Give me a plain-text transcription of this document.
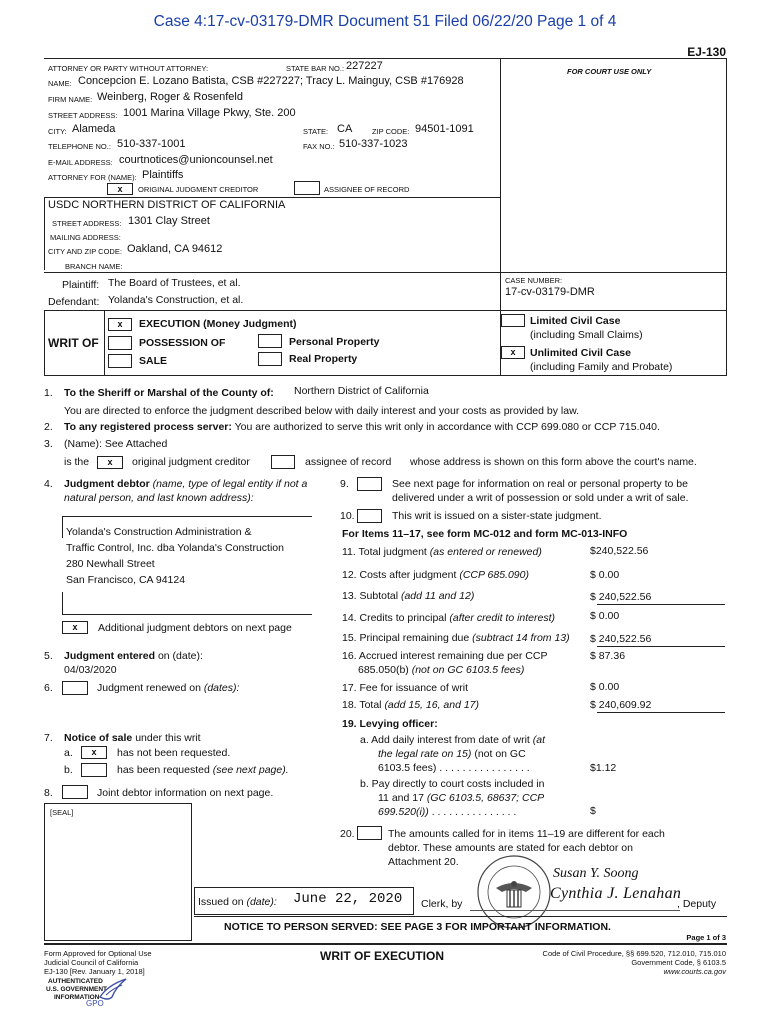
Case 4:17-cv-03179-DMR Document 51 Filed 06/22/20 Page 1 of 4
EJ-130
FOR COURT USE ONLY
ATTORNEY OR PARTY WITHOUT ATTORNEY:	STATE BAR NO.: 227227
NAME: Concepcion E. Lozano Batista, CSB #227227; Tracy L. Mainguy, CSB #176928
FIRM NAME: Weinberg, Roger & Rosenfeld
STREET ADDRESS: 1001 Marina Village Pkwy, Ste. 200
CITY: Alameda	STATE: CA	ZIP CODE: 94501-1091
TELEPHONE NO.: 510-337-1001	FAX NO.: 510-337-1023
E-MAIL ADDRESS: courtnotices@unioncounsel.net
ATTORNEY FOR (NAME): Plaintiffs
x	ORIGINAL JUDGMENT CREDITOR	ASSIGNEE OF RECORD
USDC NORTHERN DISTRICT OF CALIFORNIA
STREET ADDRESS: 1301 Clay Street
MAILING ADDRESS:
CITY AND ZIP CODE: Oakland, CA 94612
BRANCH NAME:
CASE NUMBER:
17-cv-03179-DMR
Plaintiff: The Board of Trustees, et al.
Defendant: Yolanda's Construction, et al.
WRIT OF
x	EXECUTION (Money Judgment)
POSSESSION OF
SALE
Personal Property
Real Property
Limited Civil Case
(including Small Claims)
x	Unlimited Civil Case
(including Family and Probate)
1. To the Sheriff or Marshal of the County of: Northern District of California
You are directed to enforce the judgment described below with daily interest and your costs as provided by law.
2. To any registered process server: You are authorized to serve this writ only in accordance with CCP 699.080 or CCP 715.040.
3. (Name): See Attached
is the	x	original judgment creditor	assignee of record whose address is shown on this form above the court's name.
4. Judgment debtor (name, type of legal entity if not a
natural person, and last known address):
Yolanda's Construction Administration &
Traffic Control, Inc. dba Yolanda's Construction
280 Newhall Street
San Francisco, CA 94124
x	Additional judgment debtors on next page
5. Judgment entered on (date):
04/03/2020
6.	Judgment renewed on (dates):
7. Notice of sale under this writ
a.	x	has not been requested.
b.	has been requested (see next page).
8.	Joint debtor information on next page.
[SEAL]
9.	See next page for information on real or personal property to be
delivered under a writ of possession or sold under a writ of sale.
10.	This writ is issued on a sister-state judgment.
For Items 11–17, see form MC-012 and form MC-013-INFO
11. Total judgment (as entered or renewed)	$240,522.56
12. Costs after judgment (CCP 685.090)	$ 0.00
13. Subtotal (add 11 and 12)	$ 240,522.56
14. Credits to principal (after credit to interest)	$ 0.00
15. Principal remaining due (subtract 14 from 13) $ 240,522.56
16. Accrued interest remaining due per CCP
685.050(b) (not on GC 6103.5 fees)
$ 87.36
17. Fee for issuance of writ	$ 0.00
18. Total (add 15, 16, and 17)	$ 240,609.92
19. Levying officer:
a. Add daily interest from date of writ (at
the legal rate on 15) (not on GC
6103.5 fees) . . . . . . . . . . . . . . . .	$1.12
b. Pay directly to court costs included in
11 and 17 (GC 6103.5, 68637; CCP
699.520(i)) . . . . . . . . . . . . . . .	$
20.	The amounts called for in items 11–19 are different for each
debtor. These amounts are stated for each debtor on
Attachment 20.
Issued on (date): June 22, 2020 Clerk, by
Susan Y. Soong
Cynthia J. Lenahan
, Deputy
NOTICE TO PERSON SERVED: SEE PAGE 3 FOR IMPORTANT INFORMATION.
Page 1 of 3
Form Approved for Optional Use
Judicial Council of California
EJ-130 [Rev. January 1, 2018]
WRIT OF EXECUTION	Code of Civil Procedure, §§ 699.520, 712.010, 715.010
Government Code, § 6103.5
www.courts.ca.gov
AUTHENTICATED
U.S. GOVERNMENT
INFORMATION
GPO
